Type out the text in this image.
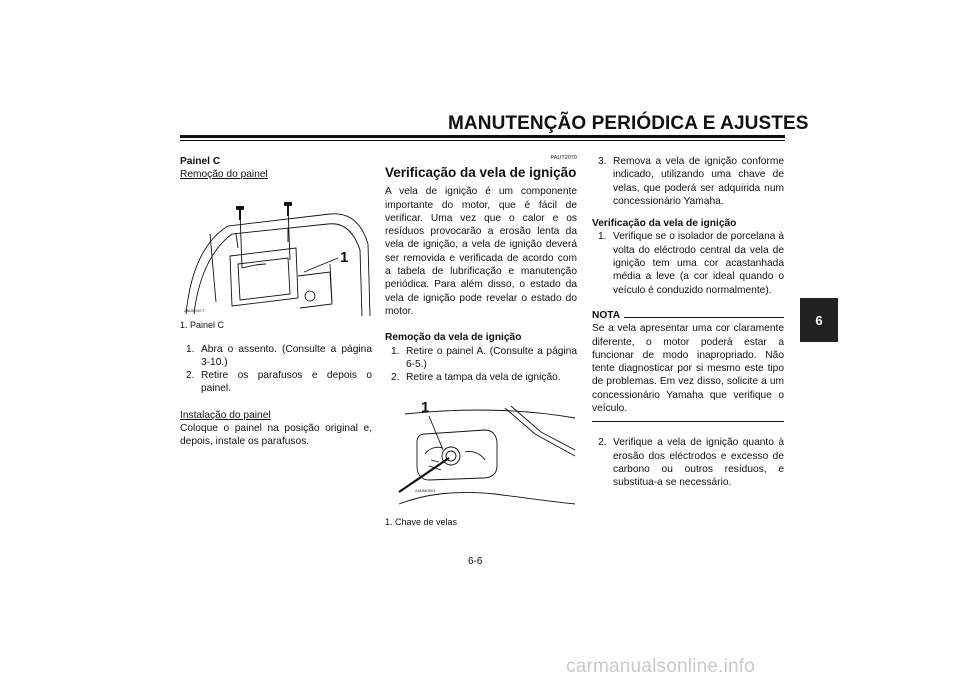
MANUTENÇÃO PERIÓDICA E AJUSTES
6

Painel C

Remoção do painel

ZAUM0477
1

1. Painel C

1. Abra o assento. (Consulte a página 3-10.)
2. Retire os parafusos e depois o painel.

Instalação do painel

Coloque o painel na posição original e, depois, instale os parafusos.

PAUT2070
Verificação da vela de ignição

A vela de ignição é um componente importante do motor, que é fácil de verificar. Uma vez que o calor e os resíduos provocarão a erosão lenta da vela de ignição, a vela de ignição deverá ser removida e verificada de acordo com a tabela de lubrificação e manutenção periódica. Para além disso, o estado da vela de ignição pode revelar o estado do motor.

Remoção da vela de ignição

1. Retire o painel A. (Consulte a página 6-5.)
2. Retire a tampa da vela de ignição.
ZAUM0591
1

1. Chave de velas

3. Remova a vela de ignição conforme indicado, utilizando uma chave de velas, que poderá ser adquirida num concessionário Yamaha.

Verificação da vela de ignição

1. Verifique se o isolador de porcelana à volta do eléctrodo central da vela de ignição tem uma cor acastanhada média a leve (a cor ideal quando o veículo é conduzido normalmente).
NOTA

Se a vela apresentar uma cor claramente diferente, o motor poderá estar a funcionar de modo inapropriado. Não tente diagnosticar por si mesmo este tipo de problemas. Em vez disso, solicite a um concessionário Yamaha que verifique o veículo.

2. Verifique a vela de ignição quanto à erosão dos eléctrodos e excesso de carbono ou outros resíduos, e substitua-a se necessário.
6-6
carmanualsonline.info
